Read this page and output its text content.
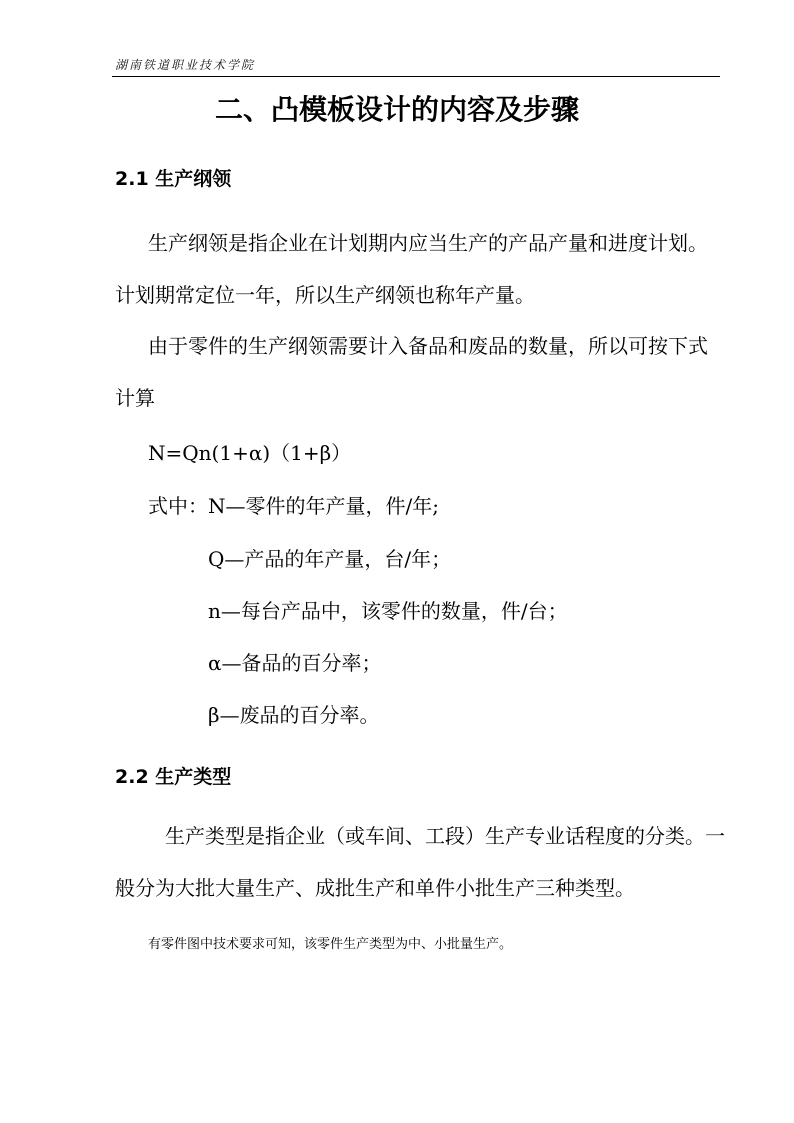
湖南铁道职业技术学院
二、凸模板设计的内容及步骤
2.1 生产纲领
生产纲领是指企业在计划期内应当生产的产品产量和进度计划。计划期常定位一年，所以生产纲领也称年产量。
由于零件的生产纲领需要计入备品和废品的数量，所以可按下式计算
N=Qn(1+α)（1+β）
式中：N—零件的年产量，件/年;
Q—产品的年产量，台/年；
n—每台产品中，该零件的数量，件/台；
α—备品的百分率；
β—废品的百分率。
2.2 生产类型
生产类型是指企业（或车间、工段）生产专业话程度的分类。一般分为大批大量生产、成批生产和单件小批生产三种类型。
有零件图中技术要求可知，该零件生产类型为中、小批量生产。
